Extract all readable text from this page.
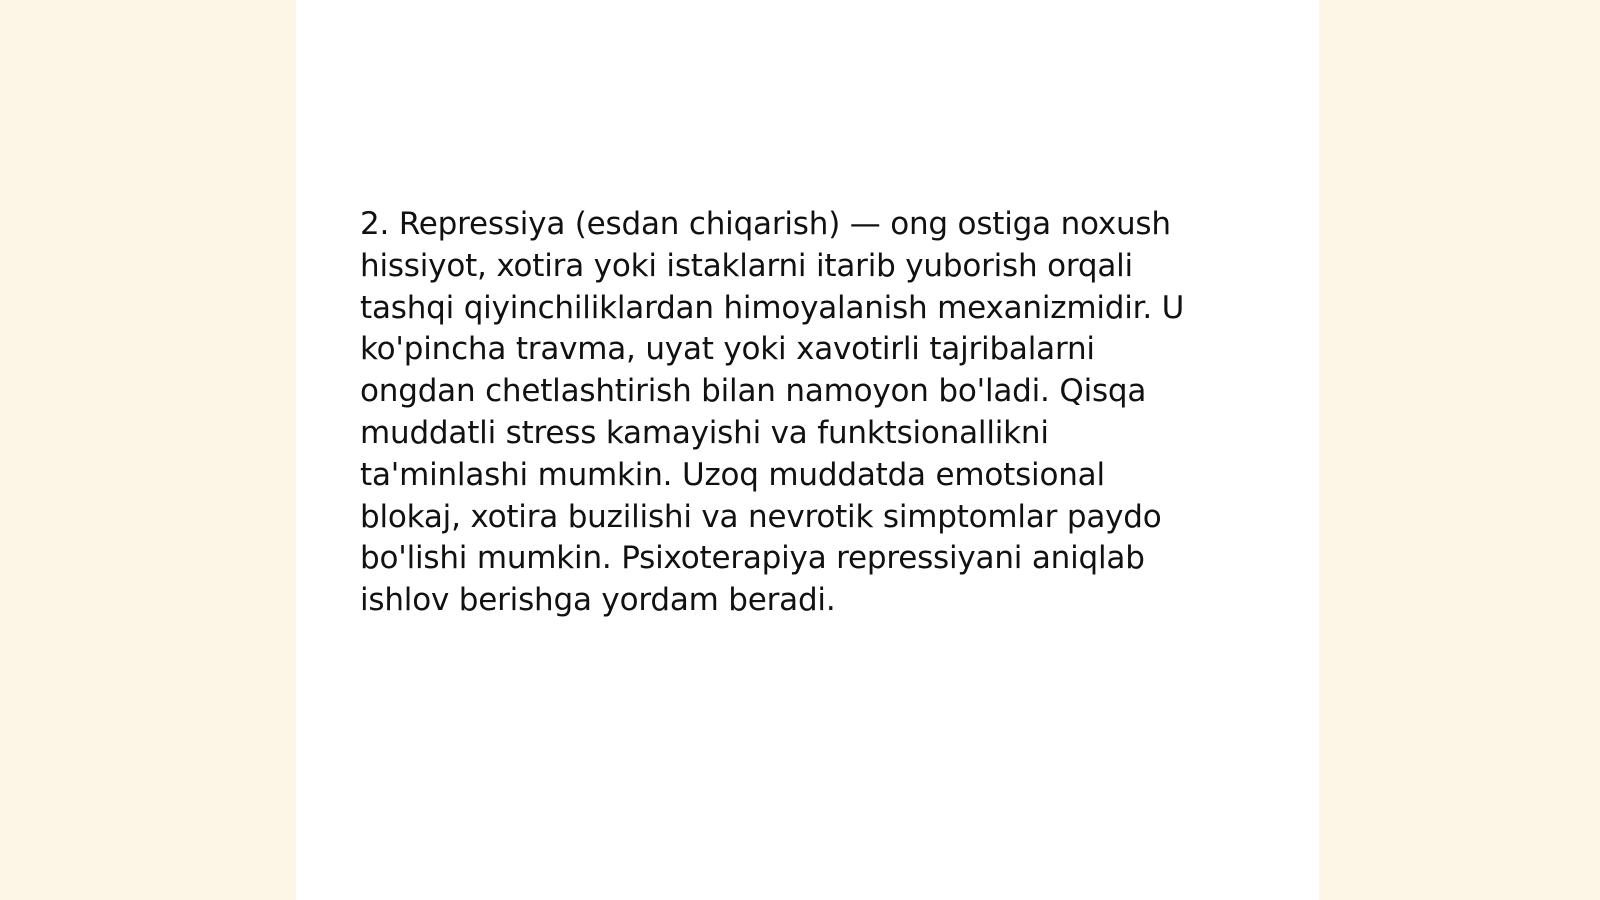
2. Repressiya (esdan chiqarish) — ong ostiga noxush
hissiyot, xotira yoki istaklarni itarib yuborish orqali
tashqi qiyinchiliklardan himoyalanish mexanizmidir. U
ko'pincha travma, uyat yoki xavotirli tajribalarni
ongdan chetlashtirish bilan namoyon bo'ladi. Qisqa
muddatli stress kamayishi va funktsionallikni
ta'minlashi mumkin. Uzoq muddatda emotsional
blokaj, xotira buzilishi va nevrotik simptomlar paydo
bo'lishi mumkin. Psixoterapiya repressiyani aniqlab
ishlov berishga yordam beradi.
